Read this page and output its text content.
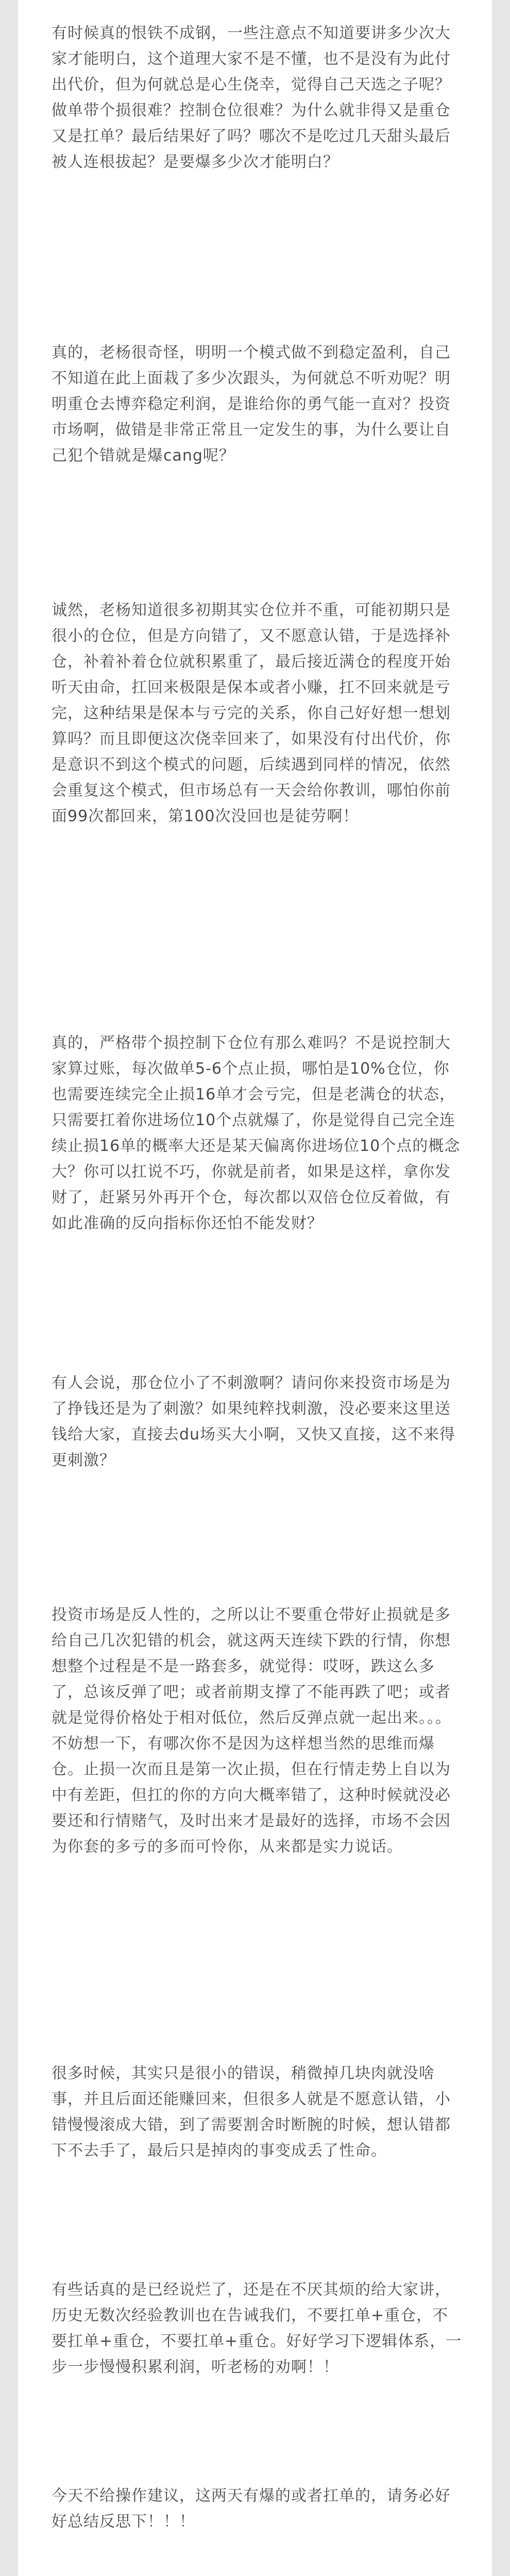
有时候真的恨铁不成钢，一些注意点不知道要讲多少次大家才能明白，这个道理大家不是不懂，也不是没有为此付出代价，但为何就总是心生侥幸，觉得自己天选之子呢？做单带个损很难？控制仓位很难？为什么就非得又是重仓又是扛单？最后结果好了吗？哪次不是吃过几天甜头最后被人连根拔起？是要爆多少次才能明白？

真的，老杨很奇怪，明明一个模式做不到稳定盈利，自己不知道在此上面栽了多少次跟头，为何就总不听劝呢？明明重仓去博弈稳定利润，是谁给你的勇气能一直对？投资市场啊，做错是非常正常且一定发生的事，为什么要让自己犯个错就是爆cang呢？

诚然，老杨知道很多初期其实仓位并不重，可能初期只是很小的仓位，但是方向错了，又不愿意认错，于是选择补仓，补着补着仓位就积累重了，最后接近满仓的程度开始听天由命，扛回来极限是保本或者小赚，扛不回来就是亏完，这种结果是保本与亏完的关系，你自己好好想一想划算吗？而且即便这次侥幸回来了，如果没有付出代价，你是意识不到这个模式的问题，后续遇到同样的情况，依然会重复这个模式，但市场总有一天会给你教训，哪怕你前面99次都回来，第100次没回也是徒劳啊！

真的，严格带个损控制下仓位有那么难吗？不是说控制大家算过账，每次做单5-6个点止损，哪怕是10%仓位，你也需要连续完全止损16单才会亏完，但是老满仓的状态，只需要扛着你进场位10个点就爆了，你是觉得自己完全连续止损16单的概率大还是某天偏离你进场位10个点的概念大？你可以扛说不巧，你就是前者，如果是这样，拿你发财了，赶紧另外再开个仓，每次都以双倍仓位反着做，有如此准确的反向指标你还怕不能发财？

有人会说，那仓位小了不刺激啊？请问你来投资市场是为了挣钱还是为了刺激？如果纯粹找刺激，没必要来这里送钱给大家，直接去du场买大小啊，又快又直接，这不来得更刺激？

投资市场是反人性的，之所以让不要重仓带好止损就是多给自己几次犯错的机会，就这两天连续下跌的行情，你想想整个过程是不是一路套多，就觉得：哎呀，跌这么多了，总该反弹了吧；或者前期支撑了不能再跌了吧；或者就是觉得价格处于相对低位，然后反弹点就一起出来。。。不妨想一下，有哪次你不是因为这样想当然的思维而爆仓。止损一次而且是第一次止损，但在行情走势上自以为中有差距，但扛的你的方向大概率错了，这种时候就没必要还和行情赌气，及时出来才是最好的选择，市场不会因为你套的多亏的多而可怜你，从来都是实力说话。

很多时候，其实只是很小的错误，稍微掉几块肉就没啥事，并且后面还能赚回来，但很多人就是不愿意认错，小错慢慢滚成大错，到了需要割舍时断腕的时候，想认错都下不去手了，最后只是掉肉的事变成丢了性命。

有些话真的是已经说烂了，还是在不厌其烦的给大家讲，历史无数次经验教训也在告诫我们，不要扛单+重仓，不要扛单+重仓，不要扛单+重仓。好好学习下逻辑体系，一步一步慢慢积累利润，听老杨的劝啊！！

今天不给操作建议，这两天有爆的或者扛单的，请务必好好总结反思下！！！
